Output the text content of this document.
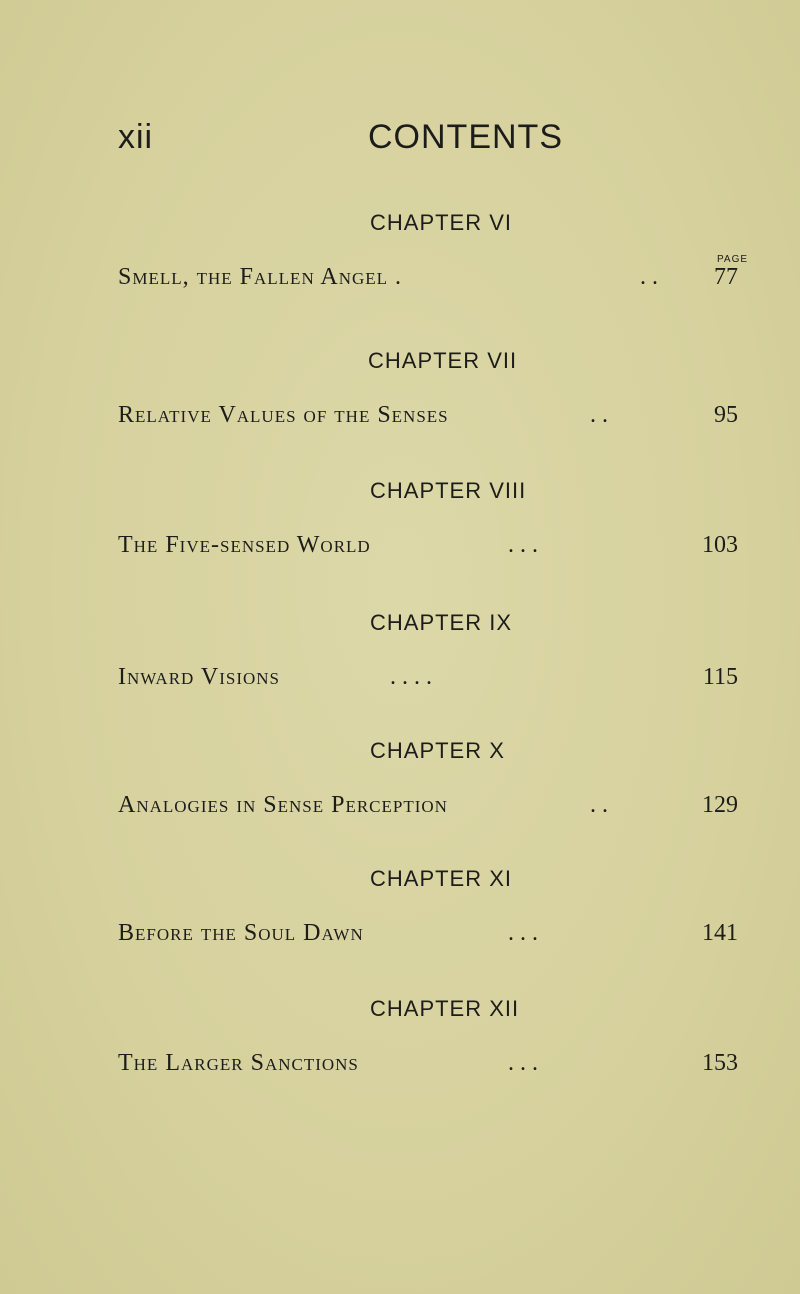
xii	CONTENTS
PAGE
CHAPTER VI
Smell, the Fallen Angel .	. .	77
CHAPTER VII
Relative Values of the Senses	. .	95
CHAPTER VIII
The Five-sensed World	. . .	103
CHAPTER IX
Inward Visions	. . . .	115
CHAPTER X
Analogies in Sense Perception	. .	129
CHAPTER XI
Before the Soul Dawn	. . .	141
CHAPTER XII
The Larger Sanctions	. . .	153
